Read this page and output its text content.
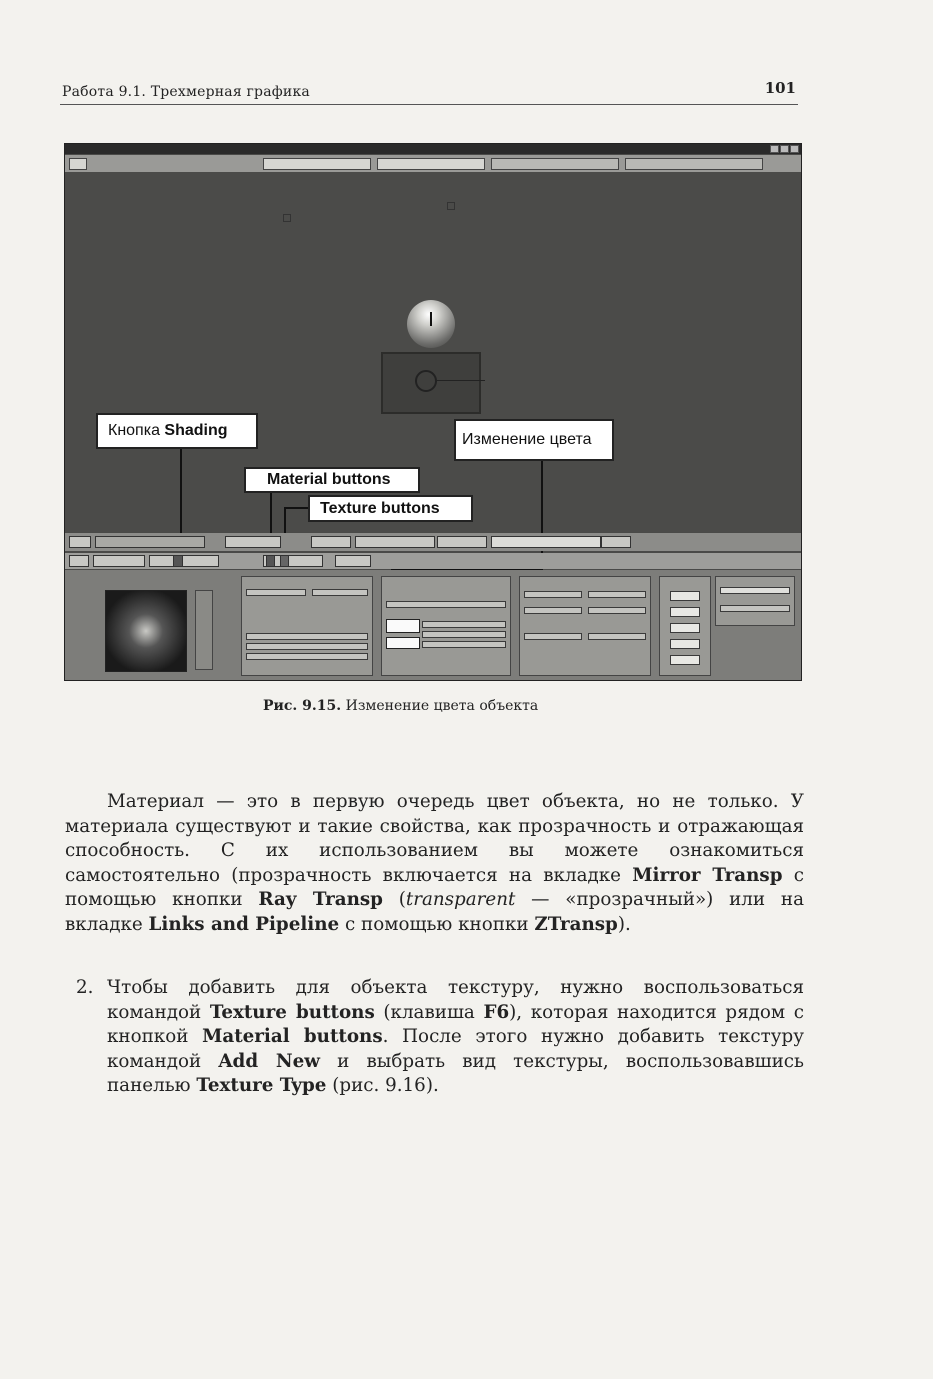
Работа 9.1. Трехмерная графика	101
Кнопка Shading
Изменение цвета
Material buttons
Texture buttons
Рис. 9.15. Изменение цвета объекта

Материал — это в первую очередь цвет объекта, но не только. У материала существуют и такие свойства, как прозрачность и отражающая способность. С их использованием вы можете ознакомиться самостоятельно (прозрачность включается на вкладке Mirror Transp с помощью кнопки Ray Transp (transparent — «прозрачный») или на вкладке Links and Pipeline с помощью кнопки ZTransp).

2. Чтобы добавить для объекта текстуру, нужно воспользоваться командой Texture buttons (клавиша F6), которая находится рядом с кнопкой Material buttons. После этого нужно добавить текстуру командой Add New и выбрать вид текстуры, воспользовавшись панелью Texture Type (рис. 9.16).
